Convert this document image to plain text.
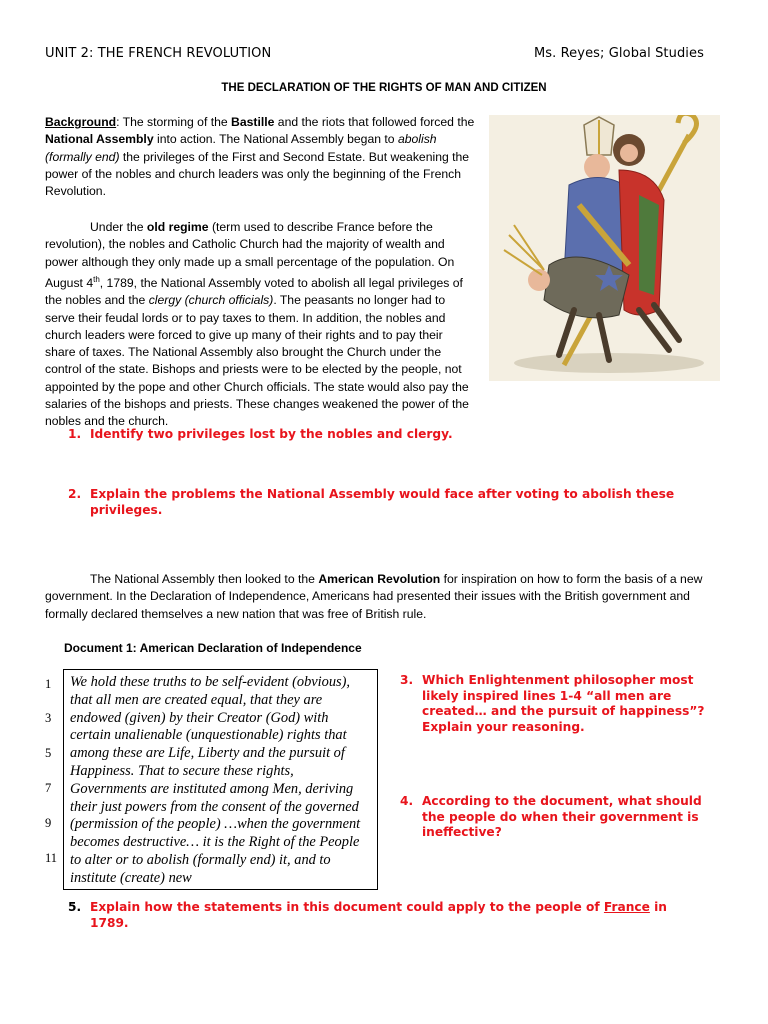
UNIT 2: THE FRENCH REVOLUTION	Ms. Reyes; Global Studies
THE DECLARATION OF THE RIGHTS OF MAN AND CITIZEN
Background: The storming of the Bastille and the riots that followed forced the National Assembly into action. The National Assembly began to abolish (formally end) the privileges of the First and Second Estate. But weakening the power of the nobles and church leaders was only the beginning of the French Revolution.
Under the old regime (term used to describe France before the revolution), the nobles and Catholic Church had the majority of wealth and power although they only made up a small percentage of the population. On August 4th, 1789, the National Assembly voted to abolish all legal privileges of the nobles and the clergy (church officials). The peasants no longer had to serve their feudal lords or to pay taxes to them. In addition, the nobles and church leaders were forced to give up many of their rights and to pay their share of taxes. The National Assembly also brought the Church under the control of the state. Bishops and priests were to be elected by the people, not appointed by the pope and other Church officials. The state would also pay the salaries of the bishops and priests. These changes weakened the power of the nobles and the church.
1. Identify two privileges lost by the nobles and clergy.
2. Explain the problems the National Assembly would face after voting to abolish these privileges.
The National Assembly then looked to the American Revolution for inspiration on how to form the basis of a new government. In the Declaration of Independence, Americans had presented their issues with the British government and formally declared themselves a new nation that was free of British rule.
Document 1: American Declaration of Independence
1
3
5
7
9
11
We hold these truths to be self-evident (obvious), that all men are created equal, that they are endowed (given) by their Creator (God) with certain unalienable (unquestionable) rights that among these are Life, Liberty and the pursuit of Happiness. That to secure these rights, Governments are instituted among Men, deriving their just powers from the consent of the governed (permission of the people) …when the government becomes destructive… it is the Right of the People to alter or to abolish (formally end) it, and to institute (create) new
3. Which Enlightenment philosopher most likely inspired lines 1-4 “all men are created… and the pursuit of happiness”? Explain your reasoning.
4. According to the document, what should the people do when their government is ineffective?
5. Explain how the statements in this document could apply to the people of France in 1789.
